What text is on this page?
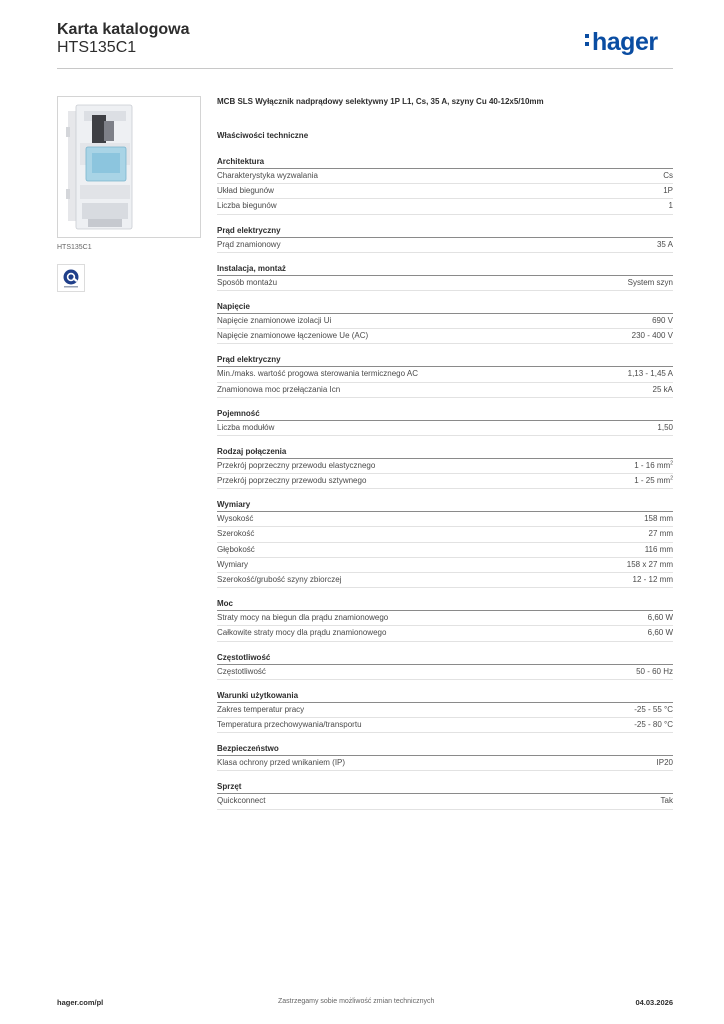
Karta katalogowa
HTS135C1	hager
HTS135C1
MCB SLS Wyłącznik nadprądowy selektywny 1P L1, Cs, 35 A, szyny Cu 40-12x5/10mm
Właściwości techniczne
Architektura
Charakterystyka wyzwalania	Cs
Układ biegunów	1P
Liczba biegunów	1
Prąd elektryczny
Prąd znamionowy	35 A
Instalacja, montaż
Sposób montażu	System szyn
Napięcie
Napięcie znamionowe izolacji Ui	690 V
Napięcie znamionowe łączeniowe Ue (AC)	230 - 400 V
Prąd elektryczny
Min./maks. wartość progowa sterowania termicznego AC	1,13 - 1,45 A
Znamionowa moc przełączania Icn	25 kA
Pojemność
Liczba modułów	1,50
Rodzaj połączenia
Przekrój poprzeczny przewodu elastycznego	1 - 16 $mm^2$
Przekrój poprzeczny przewodu sztywnego	1 - 25 $mm^2$
Wymiary
Wysokość	158 mm
Szerokość	27 mm
Głębokość	116 mm
Wymiary	158 x 27 mm
Szerokość/grubość szyny zbiorczej	12 - 12 mm
Moc
Straty mocy na biegun dla prądu znamionowego	6,60 W
Całkowite straty mocy dla prądu znamionowego	6,60 W
Częstotliwość
Częstotliwość	50 - 60 Hz
Warunki użytkowania
Zakres temperatur pracy	-25 - 55 °C
Temperatura przechowywania/transportu	-25 - 80 °C
Bezpieczeństwo
Klasa ochrony przed wnikaniem (IP)	IP20
Sprzęt
Quickconnect	Tak
hager.com/pl	Zastrzegamy sobie możliwość zmian technicznych	04.03.2026
